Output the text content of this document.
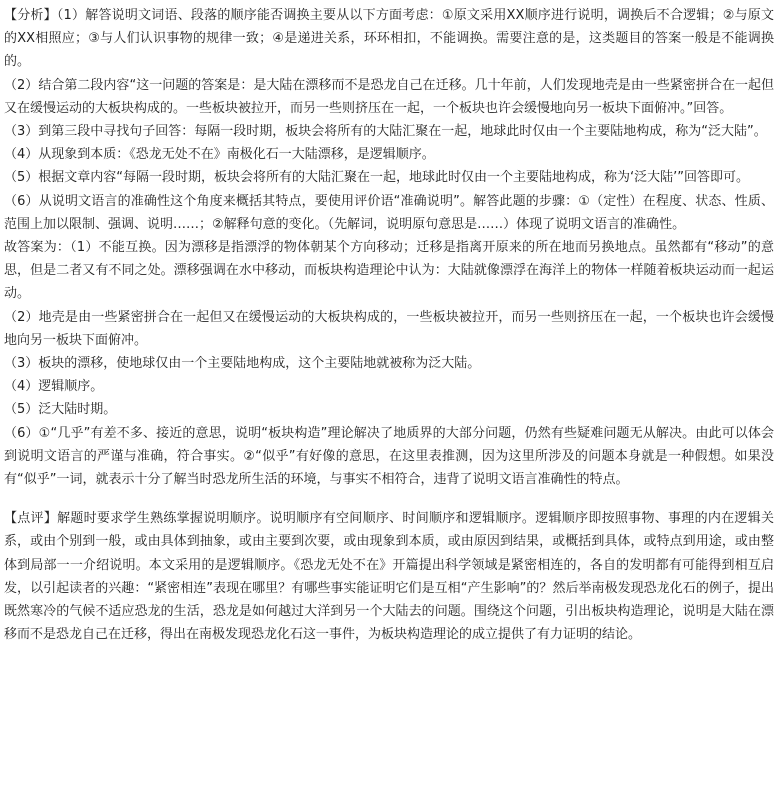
【分析】（1）解答说明文词语、段落的顺序能否调换主要从以下方面考虑：①原文采用XX顺序进行说明，调换后不合逻辑；②与原文的XX相照应；③与人们认识事物的规律一致；④是递进关系，环环相扣，不能调换。需要注意的是，这类题目的答案一般是不能调换的。

（2）结合第二段内容“这一问题的答案是：是大陆在漂移而不是恐龙自己在迁移。几十年前，人们发现地壳是由一些紧密拼合在一起但又在缓慢运动的大板块构成的。一些板块被拉开，而另一些则挤压在一起，一个板块也许会缓慢地向另一板块下面俯冲。”回答。

（3）到第三段中寻找句子回答：每隔一段时期，板块会将所有的大陆汇聚在一起，地球此时仅由一个主要陆地构成，称为“泛大陆”。

（4）从现象到本质：《恐龙无处不在》南极化石一大陆漂移，是逻辑顺序。

（5）根据文章内容“每隔一段时期，板块会将所有的大陆汇聚在一起，地球此时仅由一个主要陆地构成，称为‘泛大陆’”回答即可。

（6）从说明文语言的准确性这个角度来概括其特点，要使用评价语“准确说明”。解答此题的步骤：①（定性）在程度、状态、性质、范围上加以限制、强调、说明……；②解释句意的变化。（先解词，说明原句意思是……）体现了说明文语言的准确性。

故答案为：（1）不能互换。因为漂移是指漂浮的物体朝某个方向移动；迁移是指离开原来的所在地而另换地点。虽然都有“移动”的意思，但是二者又有不同之处。漂移强调在水中移动，而板块构造理论中认为：大陆就像漂浮在海洋上的物体一样随着板块运动而一起运动。

（2）地壳是由一些紧密拼合在一起但又在缓慢运动的大板块构成的，一些板块被拉开，而另一些则挤压在一起，一个板块也许会缓慢地向另一板块下面俯冲。

（3）板块的漂移，使地球仅由一个主要陆地构成，这个主要陆地就被称为泛大陆。

（4）逻辑顺序。

（5）泛大陆时期。

（6）①“几乎”有差不多、接近的意思，说明“板块构造”理论解决了地质界的大部分问题，仍然有些疑难问题无从解决。由此可以体会到说明文语言的严谨与准确，符合事实。②“似乎”有好像的意思，在这里表推测，因为这里所涉及的问题本身就是一种假想。如果没有“似乎”一词，就表示十分了解当时恐龙所生活的环境，与事实不相符合，违背了说明文语言准确性的特点。

【点评】解题时要求学生熟练掌握说明顺序。说明顺序有空间顺序、时间顺序和逻辑顺序。逻辑顺序即按照事物、事理的内在逻辑关系，或由个别到一般，或由具体到抽象，或由主要到次要，或由现象到本质，或由原因到结果，或概括到具体，或特点到用途，或由整体到局部一一介绍说明。本文采用的是逻辑顺序。《恐龙无处不在》开篇提出科学领域是紧密相连的，各自的发明都有可能得到相互启发，以引起读者的兴趣：“紧密相连”表现在哪里？有哪些事实能证明它们是互相“产生影响”的？然后举南极发现恐龙化石的例子，提出既然寒冷的气候不适应恐龙的生活，恐龙是如何越过大洋到另一个大陆去的问题。围绕这个问题，引出板块构造理论，说明是大陆在漂移而不是恐龙自己在迁移，得出在南极发现恐龙化石这一事件，为板块构造理论的成立提供了有力证明的结论。
